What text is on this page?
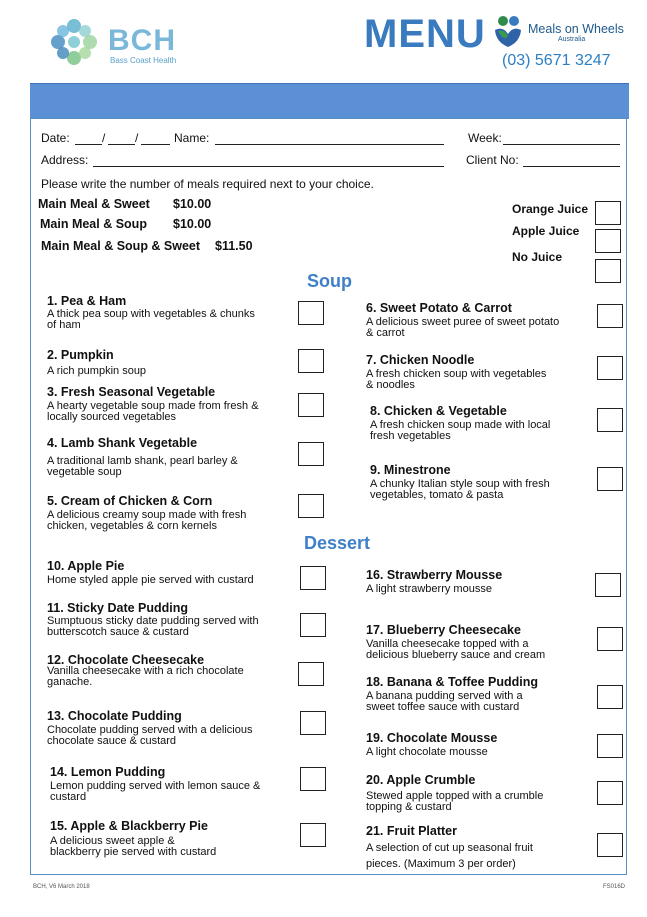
BCH
Bass Coast Health
MENU	Meals on Wheels
Australia
(03) 5671 3247
Date:	/ /	Name:	Week:
Address:	Client No:
Please write the number of meals required next to your choice.
Main Meal & Sweet $10.00
Main Meal & Soup $10.00
Main Meal & Soup & Sweet $11.50
Orange Juice
Apple Juice
No Juice
Soup
1. Pea & Ham
A thick pea soup with vegetables & chunks
of ham
2. Pumpkin
A rich pumpkin soup
3. Fresh Seasonal Vegetable
A hearty vegetable soup made from fresh &
locally sourced vegetables
4. Lamb Shank Vegetable
A traditional lamb shank, pearl barley &
vegetable soup
5. Cream of Chicken & Corn
A delicious creamy soup made with fresh
chicken, vegetables & corn kernels
6. Sweet Potato & Carrot
A delicious sweet puree of sweet potato
& carrot
7. Chicken Noodle
A fresh chicken soup with vegetables
& noodles
8. Chicken & Vegetable
A fresh chicken soup made with local
fresh vegetables
9. Minestrone
A chunky Italian style soup with fresh
vegetables, tomato & pasta
Dessert
10. Apple Pie
Home styled apple pie served with custard
11. Sticky Date Pudding
Sumptuous sticky date pudding served with
butterscotch sauce & custard
12. Chocolate Cheesecake
Vanilla cheesecake with a rich chocolate
ganache.
13. Chocolate Pudding
Chocolate pudding served with a delicious
chocolate sauce & custard
14. Lemon Pudding
Lemon pudding served with lemon sauce &
custard
15. Apple & Blackberry Pie
A delicious sweet apple &
blackberry pie served with custard
16. Strawberry Mousse
A light strawberry mousse
17. Blueberry Cheesecake
Vanilla cheesecake topped with a
delicious blueberry sauce and cream
18. Banana & Toffee Pudding
A banana pudding served with a
sweet toffee sauce with custard
19. Chocolate Mousse
A light chocolate mousse
20. Apple Crumble
Stewed apple topped with a crumble
topping & custard
21. Fruit Platter
A selection of cut up seasonal fruit
pieces. (Maximum 3 per order)
BCH, V6 March 2018	FS016D
